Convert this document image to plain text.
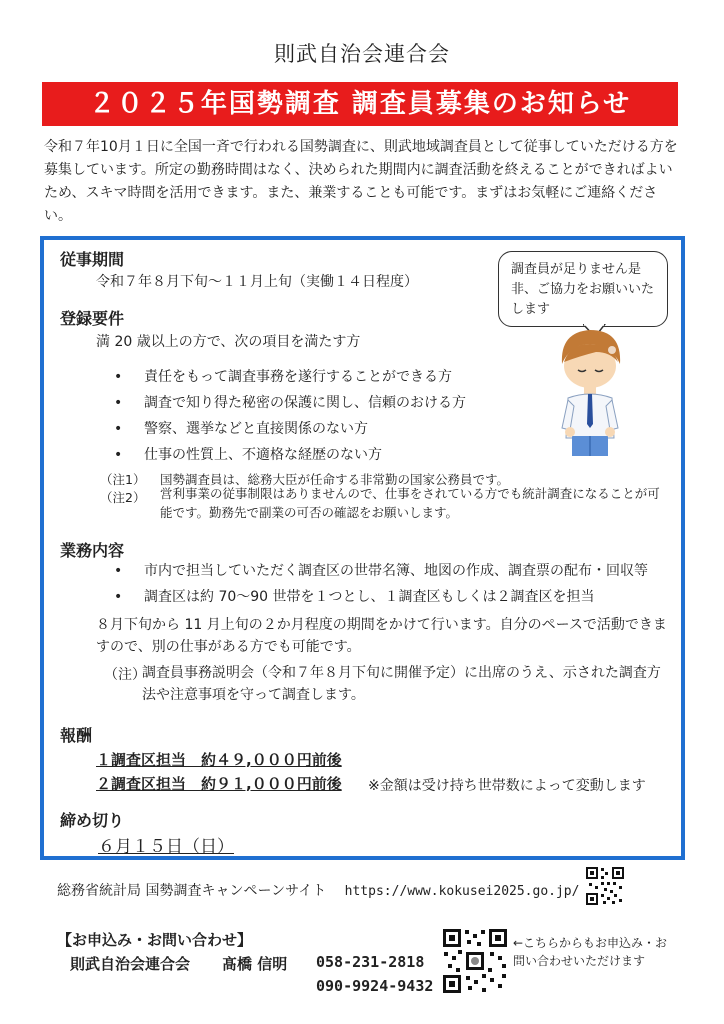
則武自治会連合会
２０２５年国勢調査 調査員募集のお知らせ
令和７年10月１日に全国一斉で行われる国勢調査に、則武地域調査員として従事していただける方を募集しています。所定の勤務時間はなく、決められた期間内に調査活動を終えることができればよいため、スキマ時間を活用できます。また、兼業することも可能です。まずはお気軽にご連絡ください。
調査員が足りません是非、ご協力をお願いいたします
従事期間
令和７年８月下旬～１１月上旬（実働１４日程度）
登録要件
満 20 歳以上の方で、次の項目を満たす方
• 責任をもって調査事務を遂行することができる方
• 調査で知り得た秘密の保護に関し、信頼のおける方
• 警察、選挙などと直接関係のない方
• 仕事の性質上、不適格な経歴のない方
（注1） 国勢調査員は、総務大臣が任命する非常勤の国家公務員です。
（注2） 営利事業の従事制限はありませんので、仕事をされている方でも統計調査になることが可能です。勤務先で副業の可否の確認をお願いします。
業務内容
• 市内で担当していただく調査区の世帯名簿、地図の作成、調査票の配布・回収等
• 調査区は約 70～90 世帯を１つとし、１調査区もしくは２調査区を担当
８月下旬から 11 月上旬の２か月程度の期間をかけて行います。自分のペースで活動できますので、別の仕事がある方でも可能です。
（注）
調査員事務説明会（令和７年８月下旬に開催予定）に出席のうえ、示された調査方法や注意事項を守って調査します。
報酬
１調査区担当　約４９,０００円前後
２調査区担当　約９１,０００円前後 ※金額は受け持ち世帯数によって変動します
締め切り
６月１５日（日）
総務省統計局 国勢調査キャンペーンサイト https://www.kokusei2025.go.jp/
【お申込み・お問い合わせ】
則武自治会連合会 髙橋 信明 058-231-2818
090-9924-9432
←こちらからもお申込み・お問い合わせいただけます
